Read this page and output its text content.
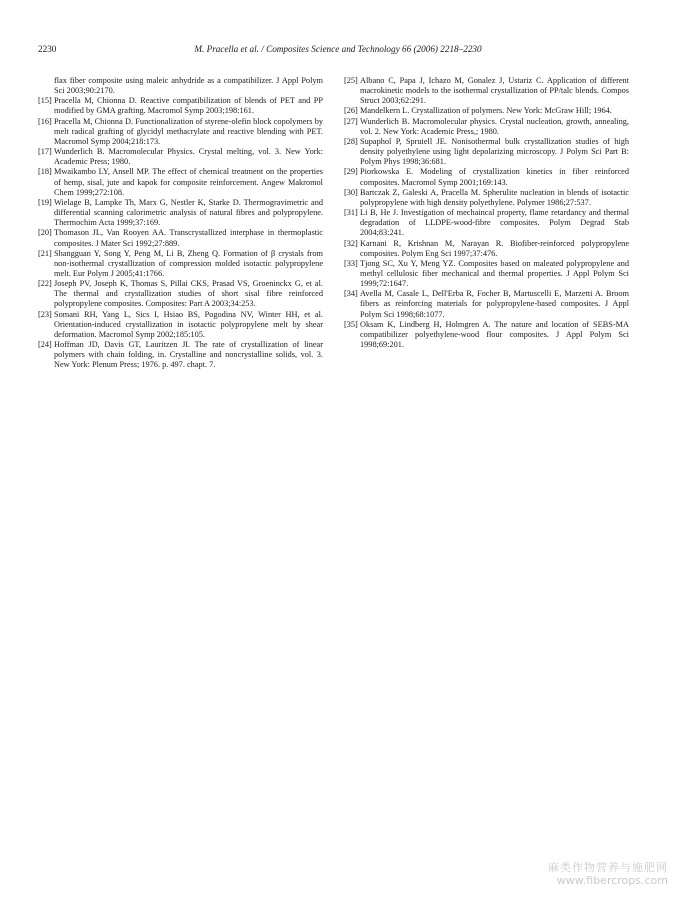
2230	M. Pracella et al. / Composites Science and Technology 66 (2006) 2218–2230

flax fiber composite using maleic anhydride as a compatibilizer. J Appl Polym Sci 2003;90:2170.

[15] Pracella M, Chionna D. Reactive compatibilization of blends of PET and PP modified by GMA grafting. Macromol Symp 2003;198:161.

[16] Pracella M, Chionna D. Functionalization of styrene-olefin block copolymers by melt radical grafting of glycidyl methacrylate and reactive blending with PET. Macromol Symp 2004;218:173.

[17] Wunderlich B. Macromolecular Physics. Crystal melting, vol. 3. New York: Academic Press; 1980.

[18] Mwaikambo LY, Ansell MP. The effect of chemical treatment on the properties of hemp, sisal, jute and kapok for composite reinforcement. Angew Makromol Chem 1999;272:108.

[19] Wielage B, Lampke Th, Marx G, Nestler K, Starke D. Thermogravimetric and differential scanning calorimetric analysis of natural fibres and polypropylene. Thermochim Acta 1999;37:169.

[20] Thomason JL, Van Rooyen AA. Transcrystallized interphase in thermoplastic composites. J Mater Sci 1992;27:889.

[21] Shangguan Y, Song Y, Peng M, Li B, Zheng Q. Formation of β crystals from non-isothermal crystallization of compression molded isotactic polypropylene melt. Eur Polym J 2005;41:1766.

[22] Joseph PV, Joseph K, Thomas S, Pillai CKS, Prasad VS, Groeninckx G, et al. The thermal and crystallization studies of short sisal fibre reinforced polypropylene composites. Composites: Part A 2003;34:253.

[23] Somani RH, Yang L, Sics I, Hsiao BS, Pogodina NV, Winter HH, et al. Orientation-induced crystallization in isotactic polypropylene melt by shear deformation. Macromol Symp 2002;185:105.

[24] Hoffman JD, Davis GT, Lauritzen JI. The rate of crystallization of linear polymers with chain folding, in. Crystalline and noncrystalline solids, vol. 3. New York: Plenum Press; 1976. p. 497. chapt. 7.

[25] Albano C, Papa J, Ichazo M, Gonalez J, Ustariz C. Application of different macrokinetic models to the isothermal crystallization of PP/talc blends. Compos Struct 2003;62:291.

[26] Mandelkern L. Crystallization of polymers. New York: McGraw Hill; 1964.

[27] Wunderlich B. Macromolecular physics. Crystal nucleation, growth, annealing, vol. 2. New York: Academic Press,; 1980.

[28] Supaphol P, Spruiell JE. Nonisothermal bulk crystallization studies of high density polyethylene using light depolarizing microscopy. J Polym Sci Part B: Polym Phys 1998;36:681.

[29] Piorkowska E. Modeling of crystallization kinetics in fiber reinforced composites. Macromol Symp 2001;169:143.

[30] Bartczak Z, Galeski A, Pracella M. Spherulite nucleation in blends of isotactic polypropylene with high density polyethylene. Polymer 1986;27:537.

[31] Li B, He J. Investigation of mechaincal property, flame retardancy and thermal degradation of LLDPE-wood-fibre composites. Polym Degrad Stab 2004;83:241.

[32] Karnani R, Krishnan M, Narayan R. Biofiber-reinforced polypropylene composites. Polym Eng Sci 1997;37:476.

[33] Tjong SC, Xu Y, Meng YZ. Composites based on maleated polypropylene and methyl cellulosic fiber mechanical and thermal properties. J Appl Polym Sci 1999;72:1647.

[34] Avella M, Casale L, Dell'Erba R, Focher B, Martuscelli E, Marzetti A. Broom fibers as reinforcing materials for polypropylene-based composites. J Appl Polym Sci 1998;68:1077.

[35] Oksam K, Lindberg H, Holmgren A. The nature and location of SEBS-MA compatibilizer polyethylene-wood flour composites. J Appl Polym Sci 1998;69:201.

麻类作物营养与施肥网
www.fibercrops.com
